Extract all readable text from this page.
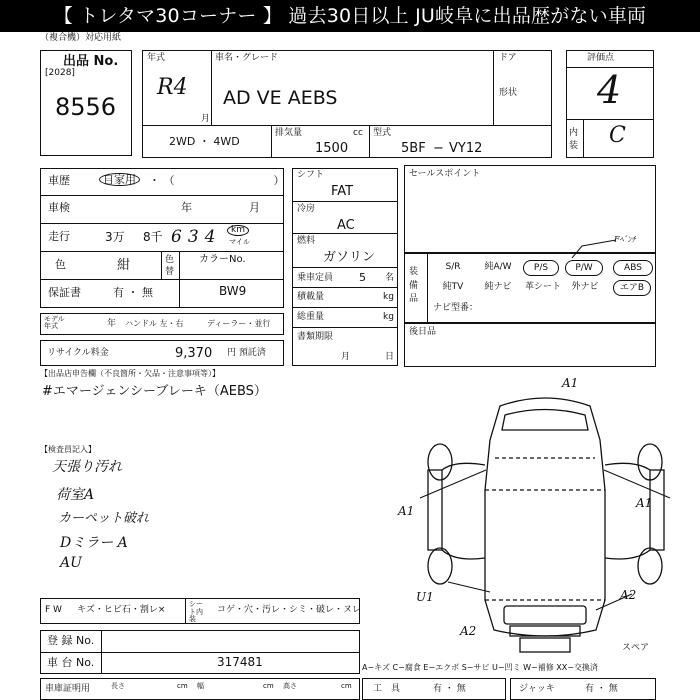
【 トレタマ30コーナー 】 過去30日以上 JU岐阜に出品歴がない車両
（複合機）対応用紙
出品 No.
[2028]
8556
年式
R4
月
車名・グレード
AD VE AEBS
ドア
形状
評価点
4
内装 C
2WD ・ 4WD
排気量	cc
1500
型式
5BF − VY12
車歴	自家用	・ （　　　　　　　　　）
車検	年	月
走行	3万 8千 634	km
マイル
色	紺	色替
カラーNo.
保証書	有 ・ 無	BW9
モデル年式	年 ハンドル 左・右	ディーラー・並行
リサイクル料金	9,370 円 預託済
シフト
FAT
冷房
AC
燃料
ガソリン
乗車定員 5 名
積載量	kg
総重量	kg
書類期限
月	日
セールスポイント
装備品
S/R	純A/W	P/S	P/W	ABS
純TV	純ナビ	革シート	外ナビ	エアB
ナビ型番：
Fﾍﾞﾝﾁ
後日品
【出品店申告欄（不良箇所・欠品・注意事項等）】
#エマージェンシーブレーキ（AEBS）
【検査員記入】
天張り汚れ
荷室A
カーペット破れ
Dミラー A
AU
A1
A1
A1
U1	A2
A2
スペア
F W キズ・ヒビ石・割レ×
シート内装
コゲ・穴・汚レ・シミ・破レ・ヌレ
登 録 No.
車 台 No.	317481
車庫証明用	長さ	cm 幅	cm 高さ	cm
A−キズ C−腐食 E−エクボ S−サビ U−凹ミ W−補修 XX−交換済
工　具	有 ・ 無	ジャッキ	有 ・ 無
